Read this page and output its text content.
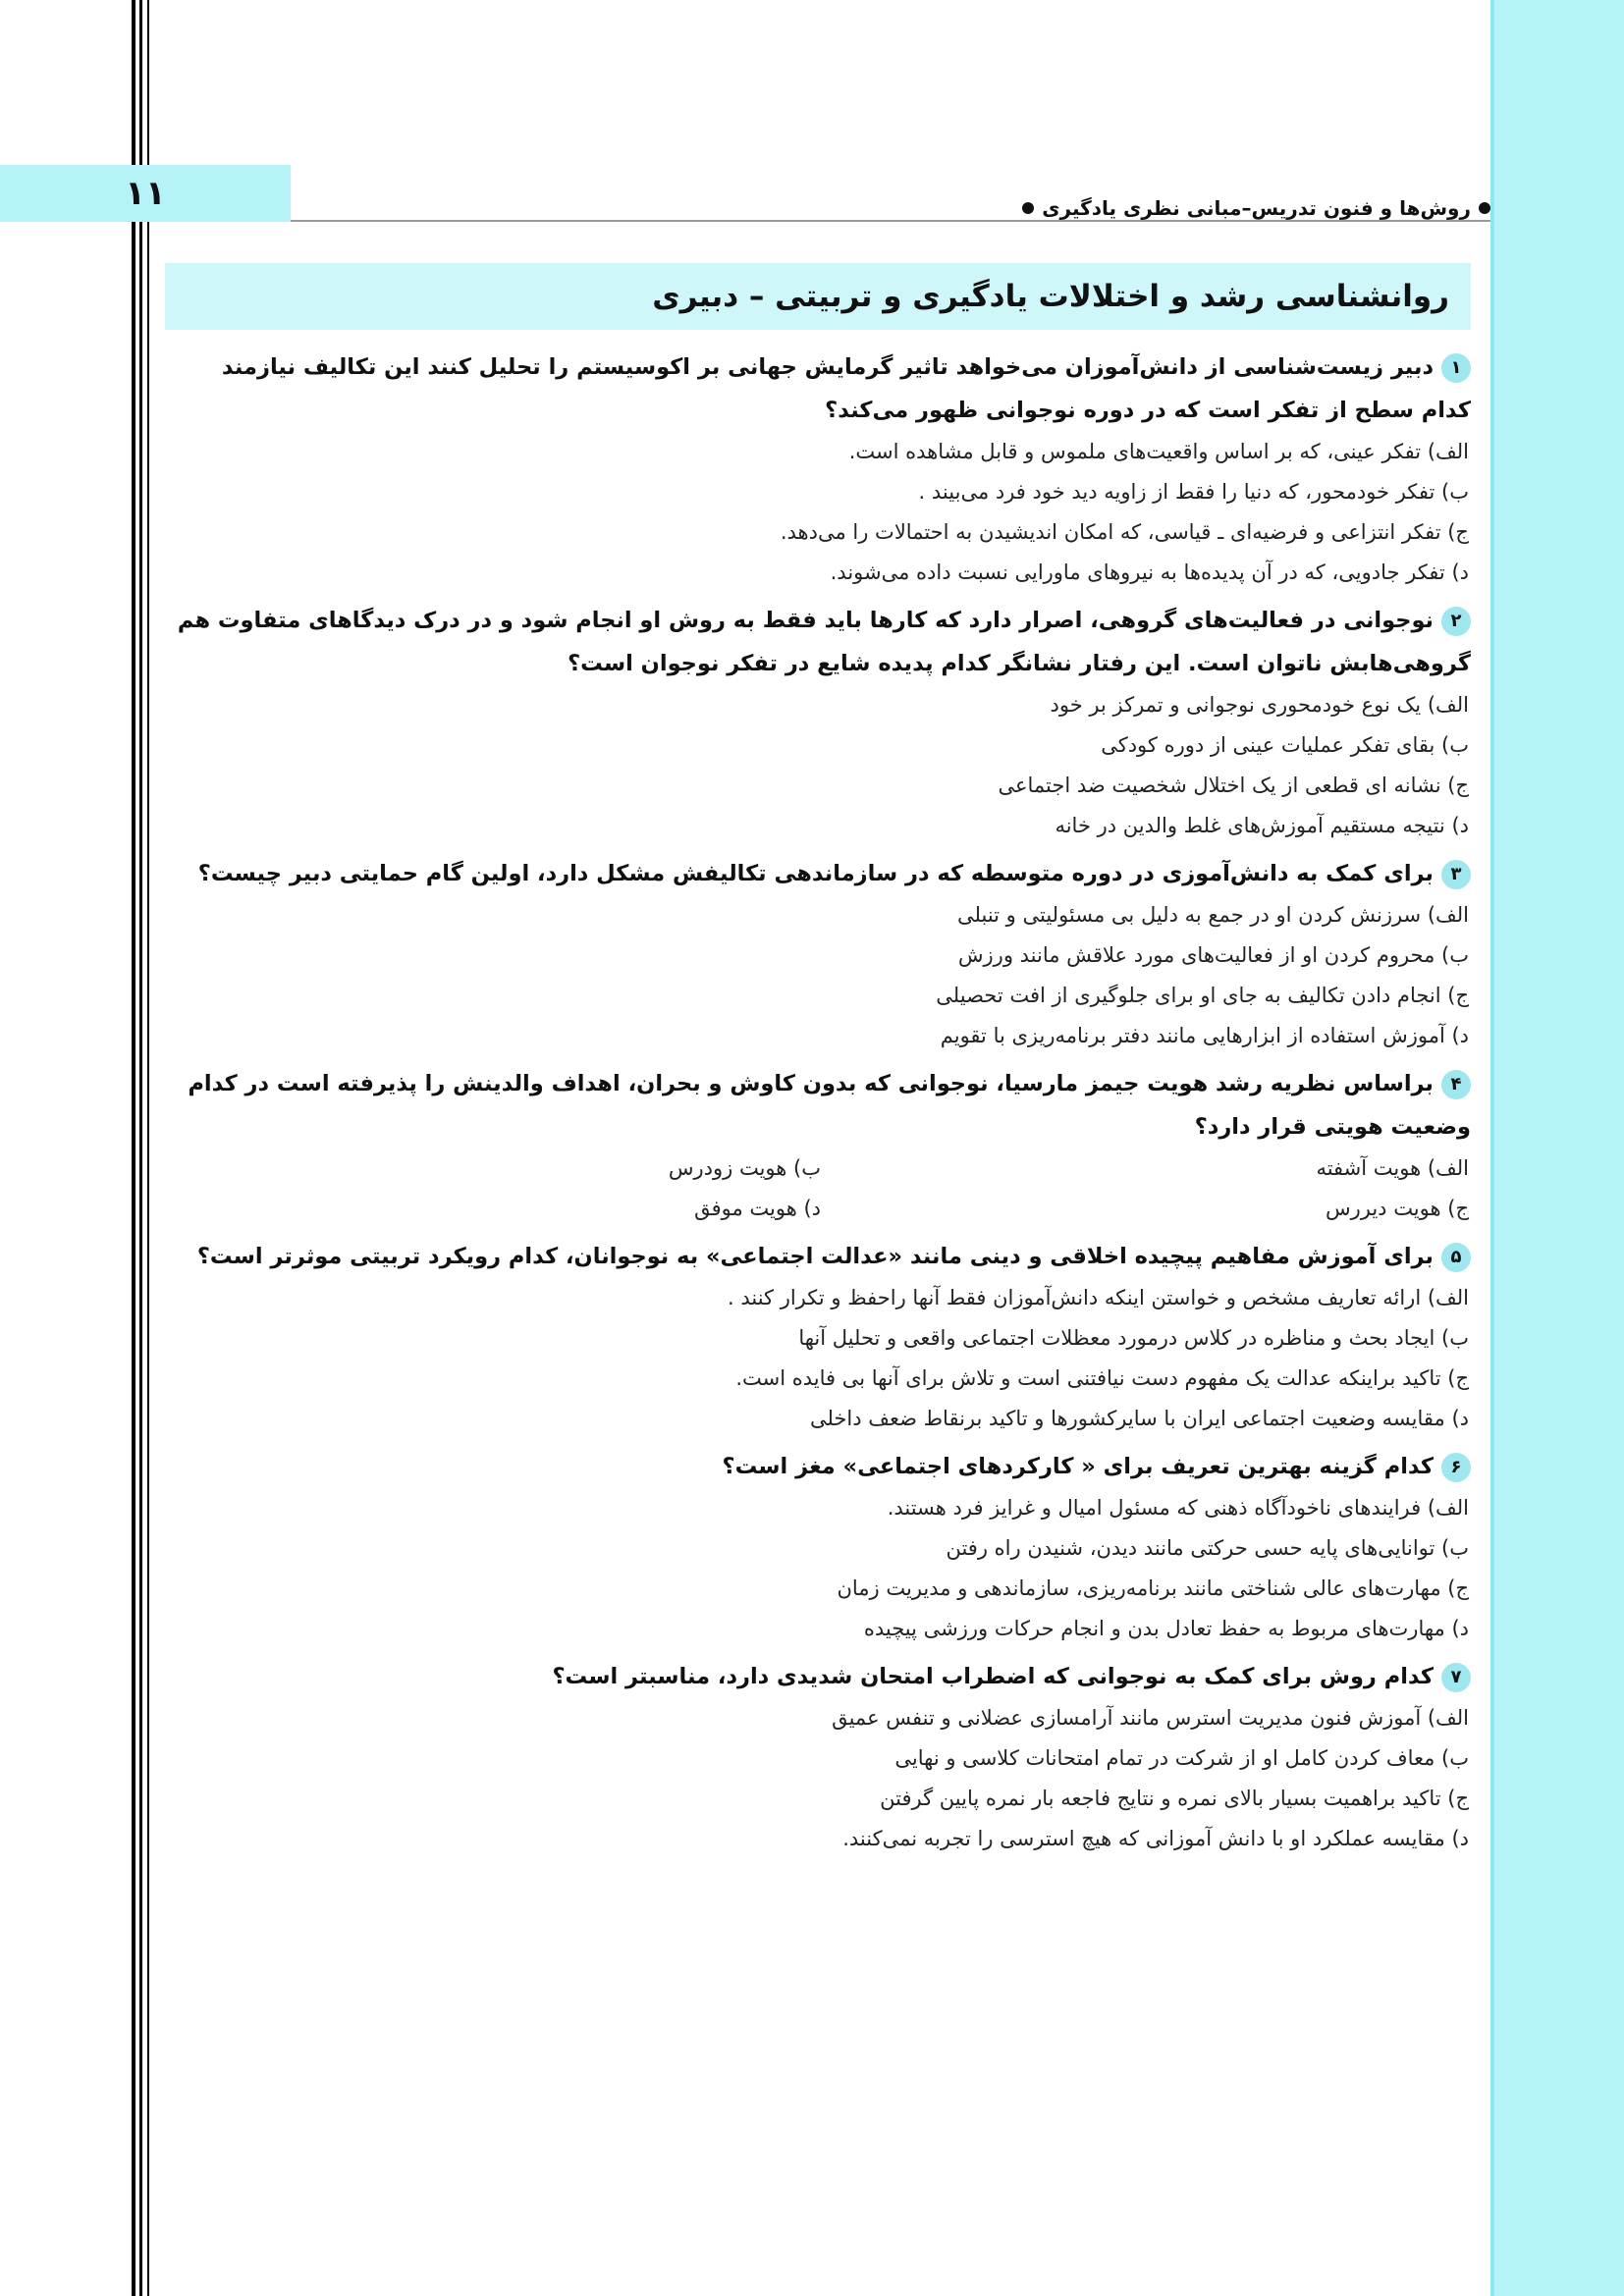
۱۱	روش‌ها و فنون تدریس–مبانی نظری یادگیری
روانشناسی رشد و اختلالات یادگیری و تربیتی – دبیری
۱دبیر زیست‌شناسی از دانش‌آموزان می‌خواهد تاثیر گرمایش جهانی بر اکوسیستم را تحلیل کنند این تکالیف نیازمند کدام سطح از تفکر است که در دوره نوجوانی ظهور می‌کند؟

الف) تفکر عینی، که بر اساس واقعیت‌های ملموس و قابل مشاهده است.

ب) تفکر خودمحور، که دنیا را فقط از زاویه دید خود فرد می‌بیند .

ج) تفکر انتزاعی و فرضیه‌ای ـ قیاسی، که امکان اندیشیدن به احتمالات را می‌دهد.

د) تفکر جادویی، که در آن پدیده‌ها به نیروهای ماورایی نسبت داده می‌شوند.

۲نوجوانی در فعالیت‌های گروهی، اصرار دارد که کارها باید فقط به روش او انجام شود و در درک دیدگاهای متفاوت هم گروهی‌هابش ناتوان است. این رفتار نشانگر کدام پدیده شایع در تفکر نوجوان است؟

الف) یک نوع خودمحوری نوجوانی و تمرکز بر خود

ب) بقای تفکر عملیات عینی از دوره کودکی

ج) نشانه ای قطعی از یک اختلال شخصیت ضد اجتماعی

د) نتیجه مستقیم آموزش‌های غلط والدین در خانه

۳برای کمک به دانش‌آموزی در دوره متوسطه که در سازماندهی تکالیفش مشکل دارد، اولین گام حمایتی دبیر چیست؟

الف) سرزنش کردن او در جمع به دلیل بی مسئولیتی و تنبلی

ب) محروم کردن او از فعالیت‌های مورد علاقش مانند ورزش

ج) انجام دادن تکالیف به جای او برای جلوگیری از افت تحصیلی

د) آموزش استفاده از ابزارهایی مانند دفتر برنامه‌ریزی با تقویم

۴براساس نظریه رشد هویت جیمز مارسیا، نوجوانی که بدون کاوش و بحران، اهداف والدینش را پذیرفته است در کدام وضعیت هویتی قرار دارد؟

الف) هویت آشفته

ب) هویت زودرس

ج) هویت دیررس

د) هویت موفق

۵برای آموزش مفاهیم پیچیده اخلاقی و دینی مانند «عدالت اجتماعی» به نوجوانان، کدام رویکرد تربیتی موثرتر است؟

الف) ارائه تعاریف مشخص و خواستن اینکه دانش‌آموزان فقط آنها راحفظ و تکرار کنند .

ب) ایجاد بحث و مناظره در کلاس درمورد معظلات اجتماعی واقعی و تحلیل آنها

ج) تاکید براینکه عدالت یک مفهوم دست نیافتنی است و تلاش برای آنها بی فایده است.

د) مقایسه وضعیت اجتماعی ایران با سایرکشورها و تاکید برنقاط ضعف داخلی

۶کدام گزینه بهترین تعریف برای « کارکردهای اجتماعی» مغز است؟

الف) فرایندهای ناخودآگاه ذهنی که مسئول امیال و غرایز فرد هستند.

ب) توانایی‌های پایه حسی حرکتی مانند دیدن، شنیدن راه رفتن

ج) مهارت‌های عالی شناختی مانند برنامه‌ریزی، سازماندهی و مدیریت زمان

د) مهارت‌های مربوط به حفظ تعادل بدن و انجام حرکات ورزشی پیچیده

۷کدام روش برای کمک به نوجوانی که اضطراب امتحان شدیدی دارد، مناسبتر است؟

الف) آموزش فنون مدیریت استرس مانند آرامسازی عضلانی و تنفس عمیق

ب) معاف کردن کامل او از شرکت در تمام امتحانات کلاسی و نهایی

ج) تاکید براهمیت بسیار بالای نمره و نتایج فاجعه بار نمره پایین گرفتن

د) مقایسه عملکرد او با دانش آموزانی که هیچ استرسی را تجربه نمی‌کنند.
